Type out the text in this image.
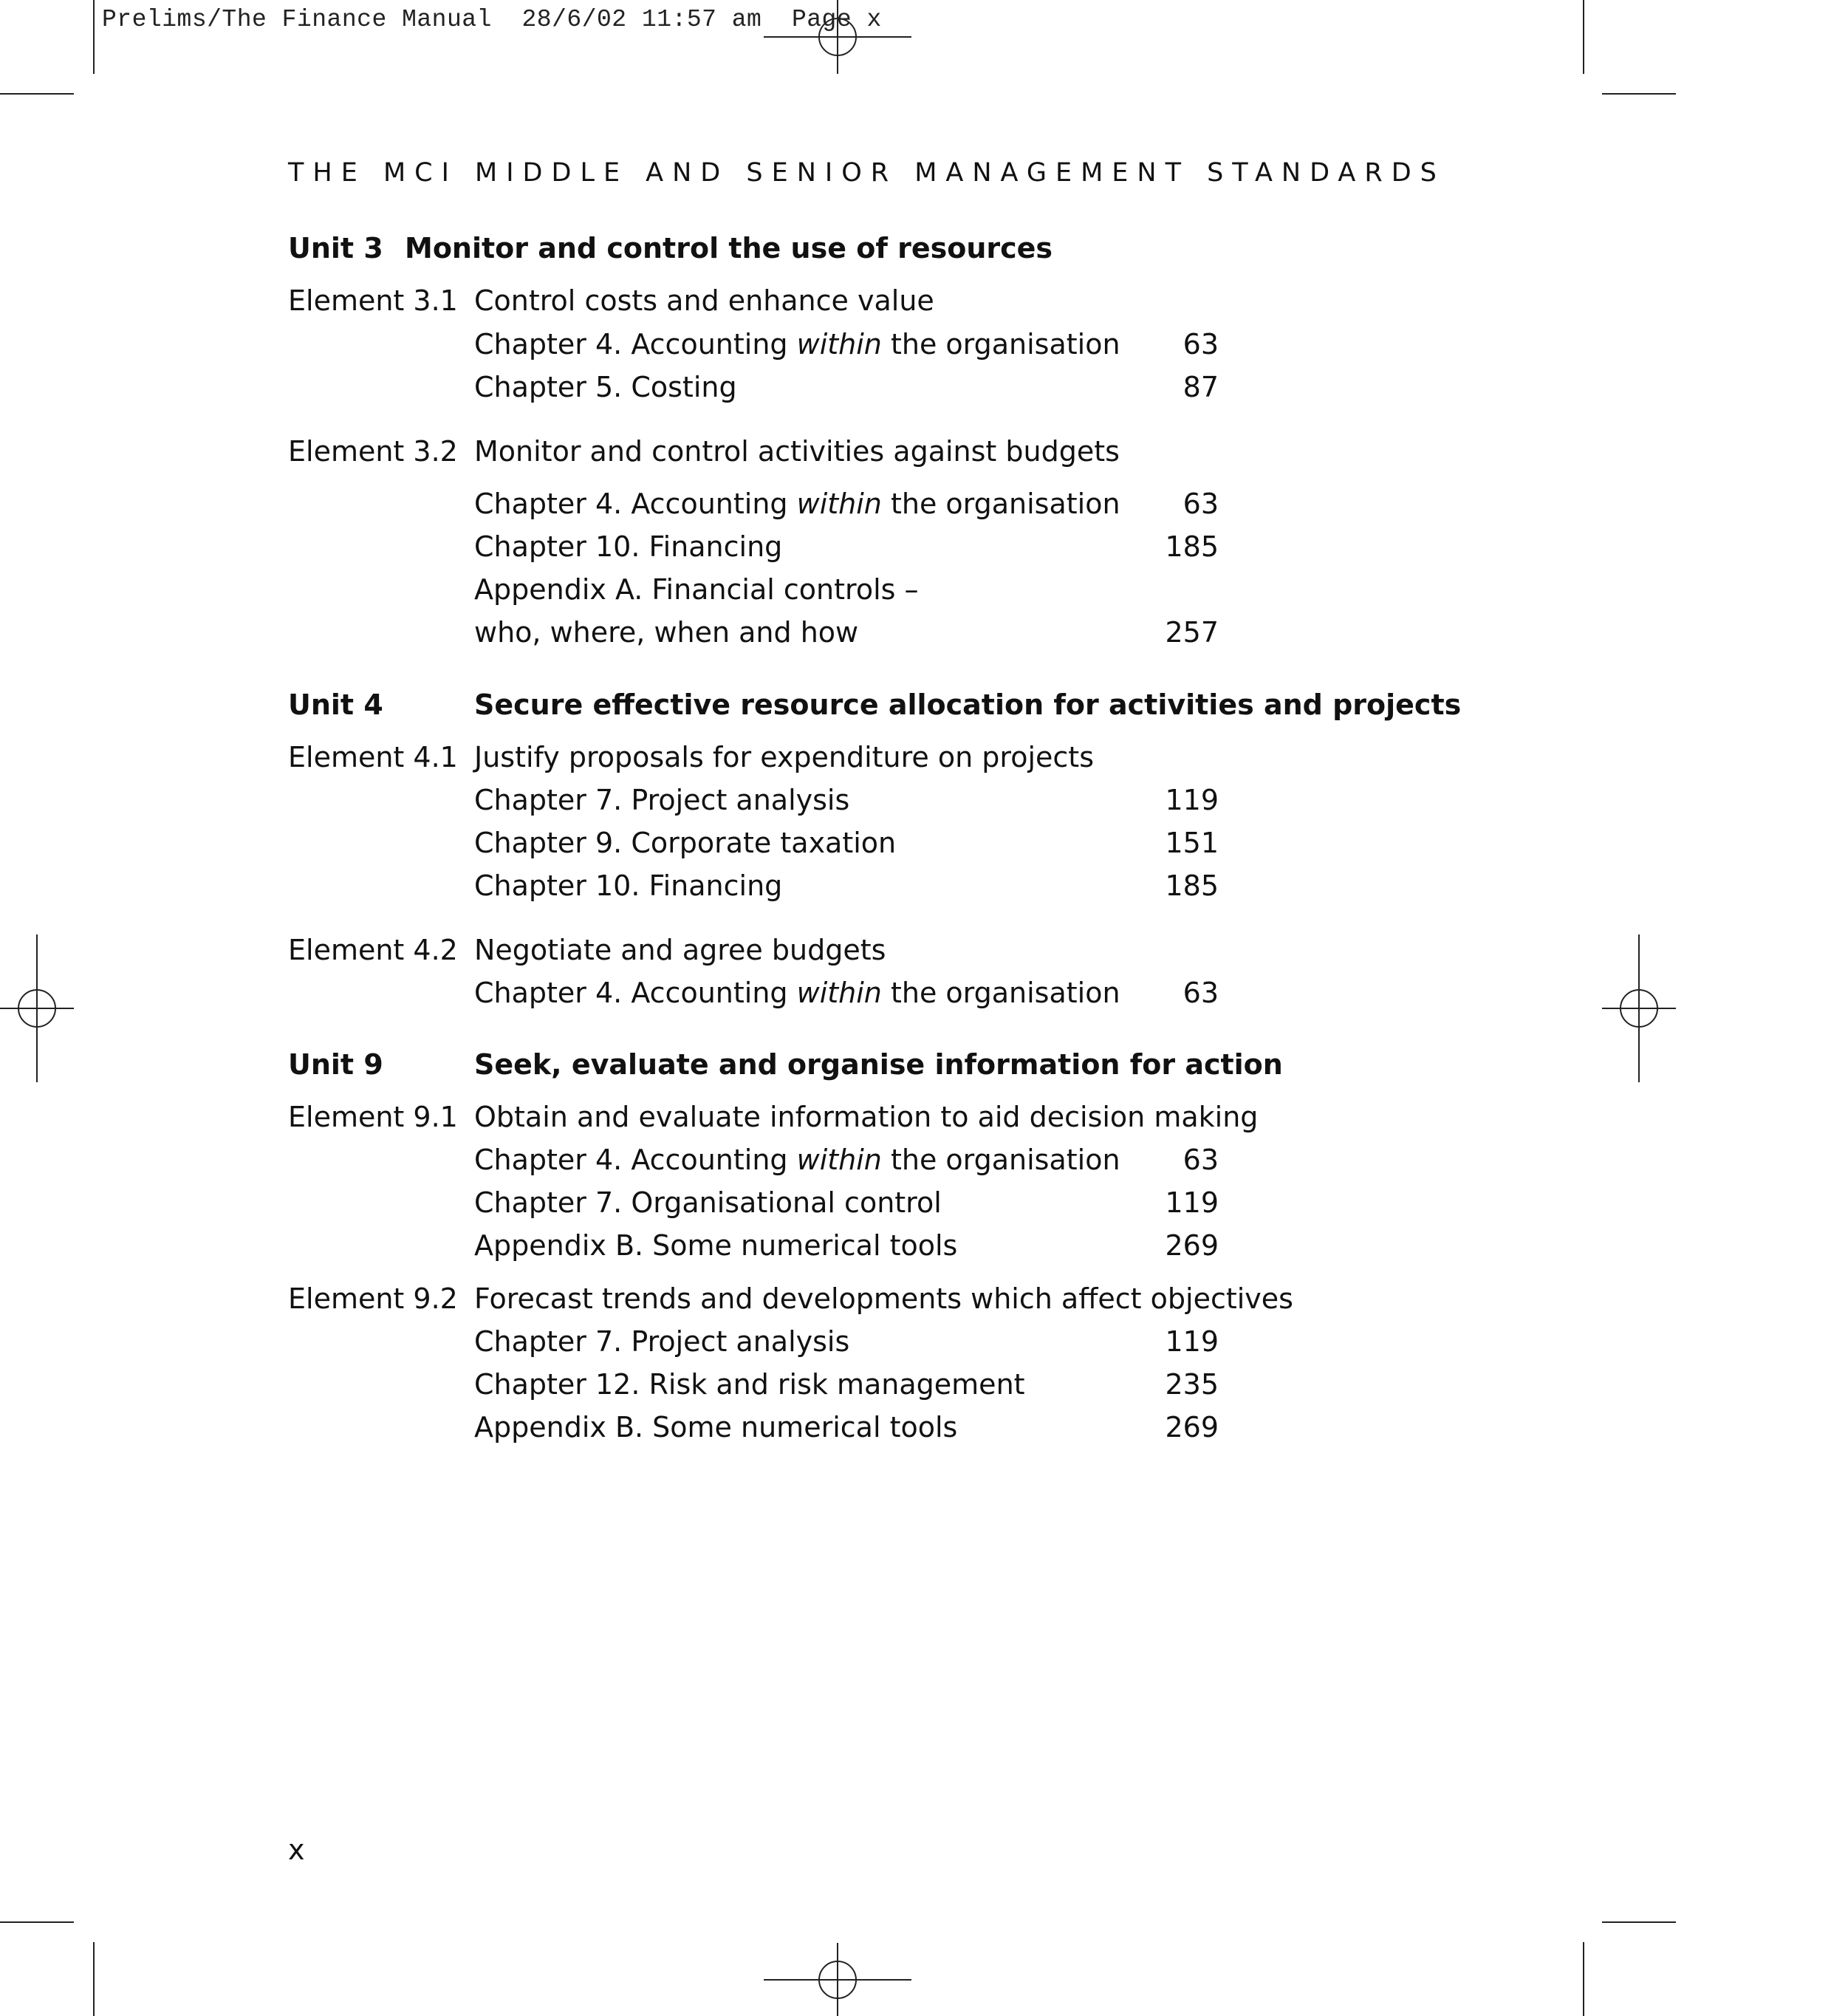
Prelims/The Finance Manual  28/6/02 11:57 am  Page x
THE MCI MIDDLE AND SENIOR MANAGEMENT STANDARDS
Unit 3 Monitor and control the use of resources
Element 3.1 Control costs and enhance value
Chapter 4. Accounting within the organisation 63
Chapter 5. Costing	87
Element 3.2 Monitor and control activities against budgets
Chapter 4. Accounting within the organisation 63
Chapter 10. Financing	185
Appendix A. Financial controls –
who, where, when and how	257
Unit 4	Secure effective resource allocation for activities and projects
Element 4.1 Justify proposals for expenditure on projects
Chapter 7. Project analysis	119
Chapter 9. Corporate taxation	151
Chapter 10. Financing	185
Element 4.2 Negotiate and agree budgets
Chapter 4. Accounting within the organisation 63
Unit 9	Seek, evaluate and organise information for action
Element 9.1 Obtain and evaluate information to aid decision making
Chapter 4. Accounting within the organisation 63
Chapter 7. Organisational control	119
Appendix B. Some numerical tools	269
Element 9.2 Forecast trends and developments which affect objectives
Chapter 7. Project analysis	119
Chapter 12. Risk and risk management	235
Appendix B. Some numerical tools	269
x
